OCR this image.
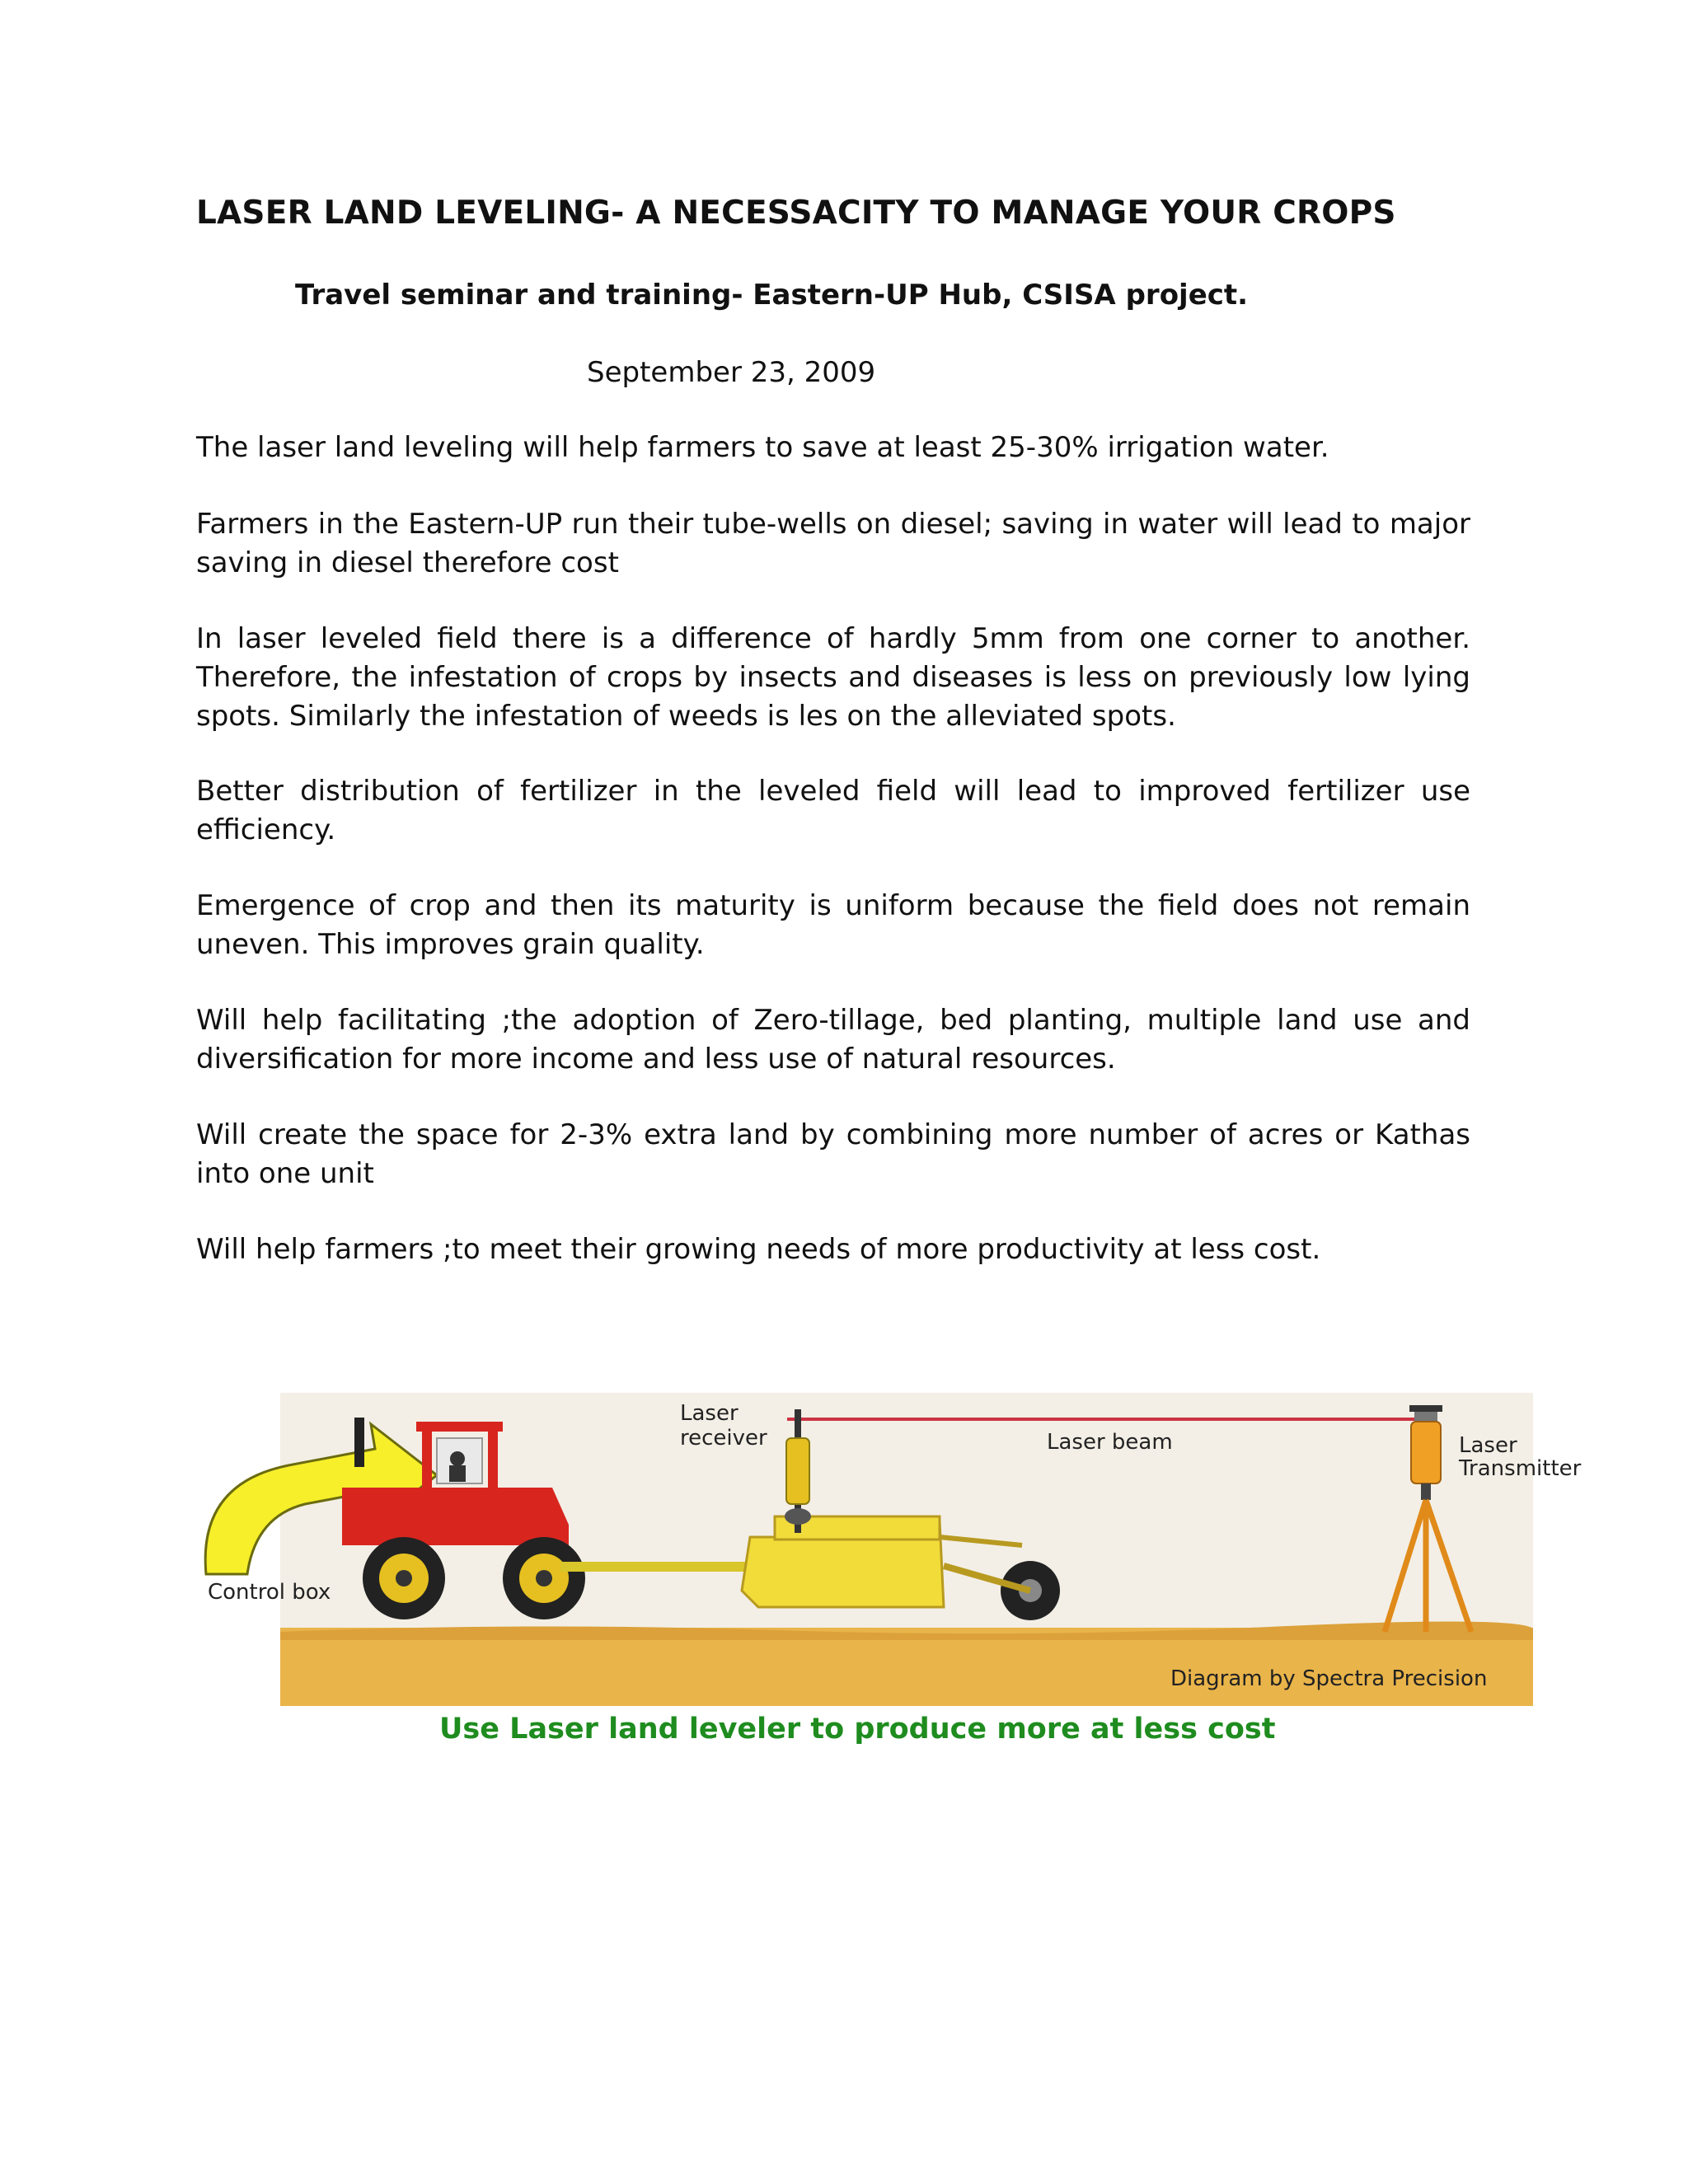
LASER LAND LEVELING- A NECESSACITY TO MANAGE YOUR CROPS
Travel seminar and training- Eastern-UP Hub, CSISA project.
September 23, 2009

The laser land leveling will help farmers to save at least 25-30% irrigation water.

Farmers in the Eastern-UP run their tube-wells on diesel; saving in water will lead to major saving in diesel therefore cost

In laser leveled field there is a difference of hardly 5mm from one corner to another. Therefore, the infestation of crops by insects and diseases is less on previously low lying spots. Similarly the infestation of weeds is les on the alleviated spots.

Better distribution of fertilizer in the leveled field will lead to improved fertilizer use efficiency.

Emergence of crop and then its maturity is uniform because the field does not remain uneven. This improves grain quality.

Will help facilitating ;the adoption of Zero-tillage, bed planting, multiple land use and diversification for more income and less use of natural resources.

Will create the space for 2-3% extra land by combining more number of acres or Kathas into one unit

Will help farmers ;to meet their growing needs of more productivity at less cost.

Laser
receiver	Laser beam	Laser
Transmitter
Control box
Diagram by Spectra Precision
Use Laser land leveler to produce more at less cost
